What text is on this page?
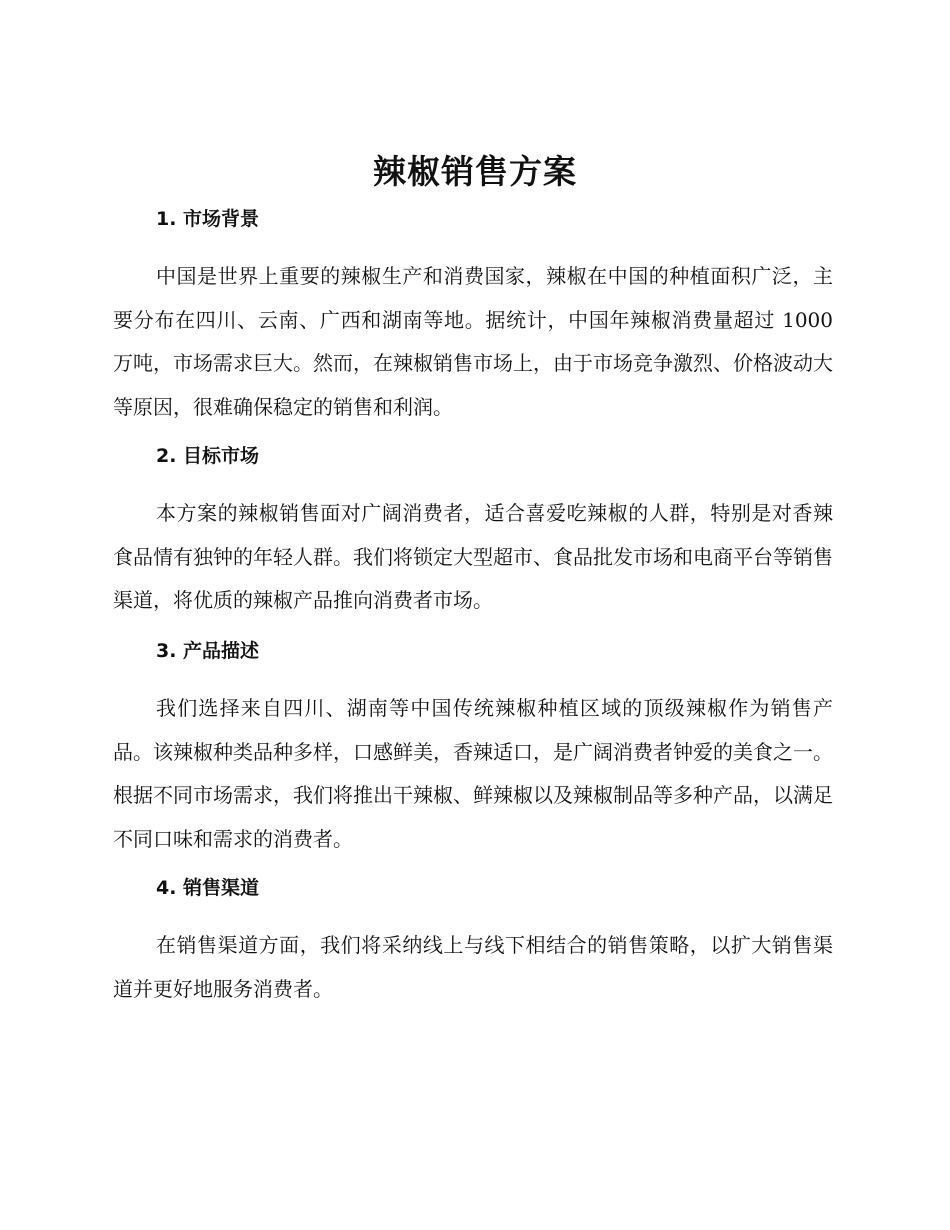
辣椒销售方案
1. 市场背景

中国是世界上重要的辣椒生产和消费国家，辣椒在中国的种植面积广泛，主要分布在四川、云南、广西和湖南等地。据统计，中国年辣椒消费量超过 1000 万吨，市场需求巨大。然而，在辣椒销售市场上，由于市场竞争激烈、价格波动大等原因，很难确保稳定的销售和利润。

2. 目标市场

本方案的辣椒销售面对广阔消费者，适合喜爱吃辣椒的人群，特别是对香辣食品情有独钟的年轻人群。我们将锁定大型超市、食品批发市场和电商平台等销售渠道，将优质的辣椒产品推向消费者市场。

3. 产品描述

我们选择来自四川、湖南等中国传统辣椒种植区域的顶级辣椒作为销售产品。该辣椒种类品种多样，口感鲜美，香辣适口，是广阔消费者钟爱的美食之一。根据不同市场需求，我们将推出干辣椒、鲜辣椒以及辣椒制品等多种产品，以满足不同口味和需求的消费者。

4. 销售渠道

在销售渠道方面，我们将采纳线上与线下相结合的销售策略，以扩大销售渠道并更好地服务消费者。
